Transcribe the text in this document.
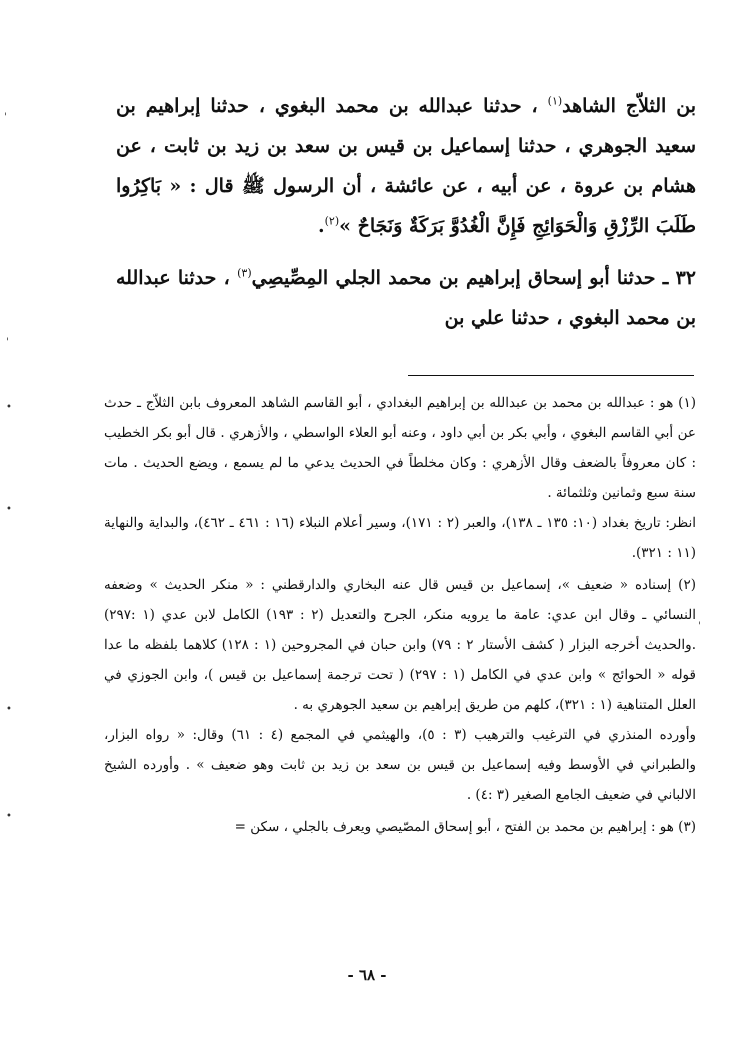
بن الثلاّج الشاهد$^{(١)}$ ، حدثنا عبدالله بن محمد البغوي ، حدثنا إبراهيم بن سعيد الجوهري ، حدثنا إسماعيل بن قيس بن سعد بن زيد بن ثابت ، عن هشام بن عروة ، عن أبيه ، عن عائشة ، أن الرسول ﷺ قال : « بَاكِرُوا طَلَبَ الرِّزْقِ وَالْحَوَائِجِ فَإِنَّ الْغُدُوَّ بَرَكَةٌ وَنَجَاحٌ »$^{(٢)}$.

٣٢ ـ حدثنا أبو إسحاق إبراهيم بن محمد الجلي المِصِّيصِي$^{(٣)}$ ، حدثنا عبدالله بن محمد البغوي ، حدثنا علي بن

(١) هو : عبدالله بن محمد بن عبدالله بن إبراهيم البغدادي ، أبو القاسم الشاهد المعروف بابن الثلاّج ـ حدث عن أبي القاسم البغوي ، وأبي بكر بن أبي داود ، وعنه أبو العلاء الواسطي ، والأزهري . قال أبو بكر الخطيب : كان معروفاً بالضعف وقال الأزهري : وكان مخلطاً في الحديث يدعي ما لم يسمع ، ويضع الحديث . مات سنة سبع وثمانين وثلثمائة .

انظر: تاريخ بغداد (١٠: ١٣٥ ـ ١٣٨)، والعبر (٢ : ١٧١)، وسير أعلام النبلاء (١٦ : ٤٦١ ـ ٤٦٢)، والبداية والنهاية (١١ : ٣٢١).

(٢) إسناده « ضعيف »، إسماعيل بن قيس قال عنه البخاري والدارقطني : « منكر الحديث » وضعفه النسائي ـ وقال ابن عدي: عامة ما يرويه منكر، الجرح والتعديل (٢ : ١٩٣) الكامل لابن عدي (١ :٢٩٧) .والحديث أخرجه البزار ( كشف الأستار ٢ : ٧٩) وابن حبان في المجروحين (١ : ١٢٨) كلاهما بلفظه ما عدا قوله « الحوائج » وابن عدي في الكامل (١ : ٢٩٧) ( تحت ترجمة إسماعيل بن قيس )، وابن الجوزي في العلل المتناهية (١ : ٣٢١)، كلهم من طريق إبراهيم بن سعيد الجوهري به .

وأورده المنذري في الترغيب والترهيب (٣ : ٥)، والهيثمي في المجمع (٤ : ٦١) وقال: « رواه البزار، والطبراني في الأوسط وفيه إسماعيل بن قيس بن سعد بن زيد بن ثابت وهو ضعيف » . وأورده الشيخ الالباني في ضعيف الجامع الصغير (٣ :٤) .

(٣) هو : إبراهيم بن محمد بن الفتح ، أبو إسحاق المصّيصي ويعرف بالجلي ، سكن =

- ٦٨ -
'
'
•
•
•
•
'
